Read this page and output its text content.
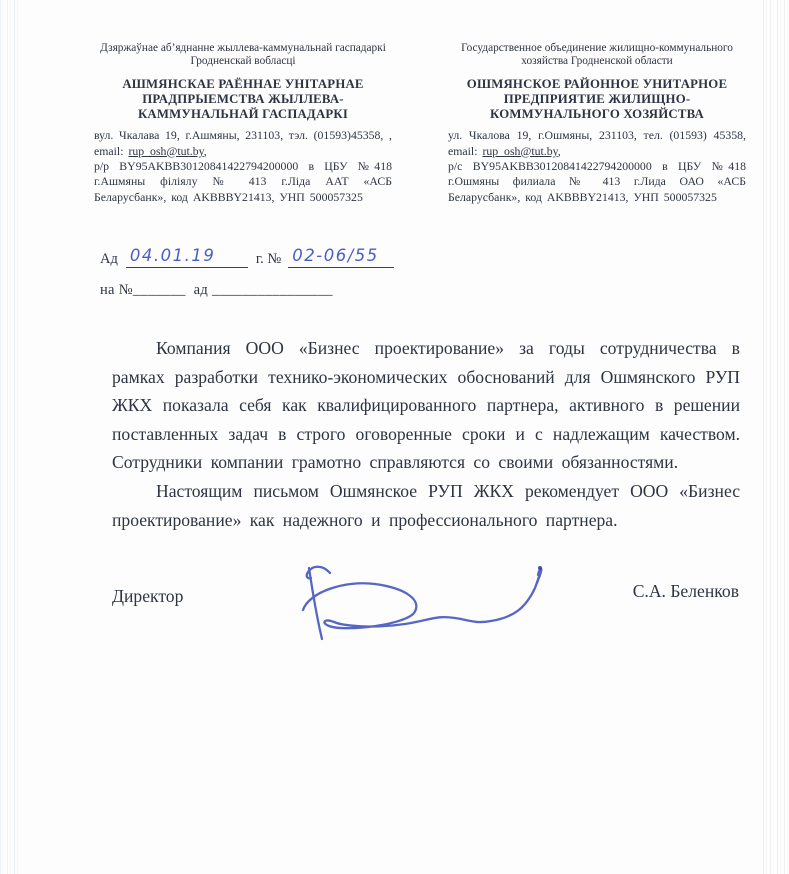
Дзяржаўнае аб’яднанне жыллева-каммунальнай гаспадаркі Гродненскай вобласці
АШМЯНСКАЕ РАЁННАЕ УНІТАРНАЕ ПРАДПРЫЕМСТВА ЖЫЛЛЕВА-КАММУНАЛЬНАЙ ГАСПАДАРКІ
вул. Чкалава 19, г.Ашмяны, 231103, тэл. (01593)45358, , email: rup_osh@tut.by,
р/р BY95AKBB30120841422794200000 в ЦБУ №418 г.Ашмяны філіялу № 413 г.Ліда ААТ «АСБ Беларусбанк», код AKBBBY21413, УНП 500057325
Государственное объединение жилищно-коммунального хозяйства Гродненской области
ОШМЯНСКОЕ РАЙОННОЕ УНИТАРНОЕ ПРЕДПРИЯТИЕ ЖИЛИЩНО-КОММУНАЛЬНОГО ХОЗЯЙСТВА
ул. Чкалова 19, г.Ошмяны, 231103, тел. (01593) 45358, email: rup_osh@tut.by,
р/с BY95AKBB30120841422794200000 в ЦБУ №418 г.Ошмяны филиала № 413 г.Лида ОАО «АСБ Беларусбанк», код AKBBBY21413, УНП 500057325
Ад 04.01.19	г. № 02-06/55
на №_______ ад ________________

Компания ООО «Бизнес проектирование» за годы сотрудничества в рамках разработки технико-экономических обоснований для Ошмянского РУП ЖКХ показала себя как квалифицированного партнера, активного в решении поставленных задач в строго оговоренные сроки и с надлежащим качеством. Сотрудники компании грамотно справляются со своими обязанностями.

Настоящим письмом Ошмянское РУП ЖКХ рекомендует ООО «Бизнес проектирование» как надежного и профессионального партнера.

Директор	С.А. Беленков
